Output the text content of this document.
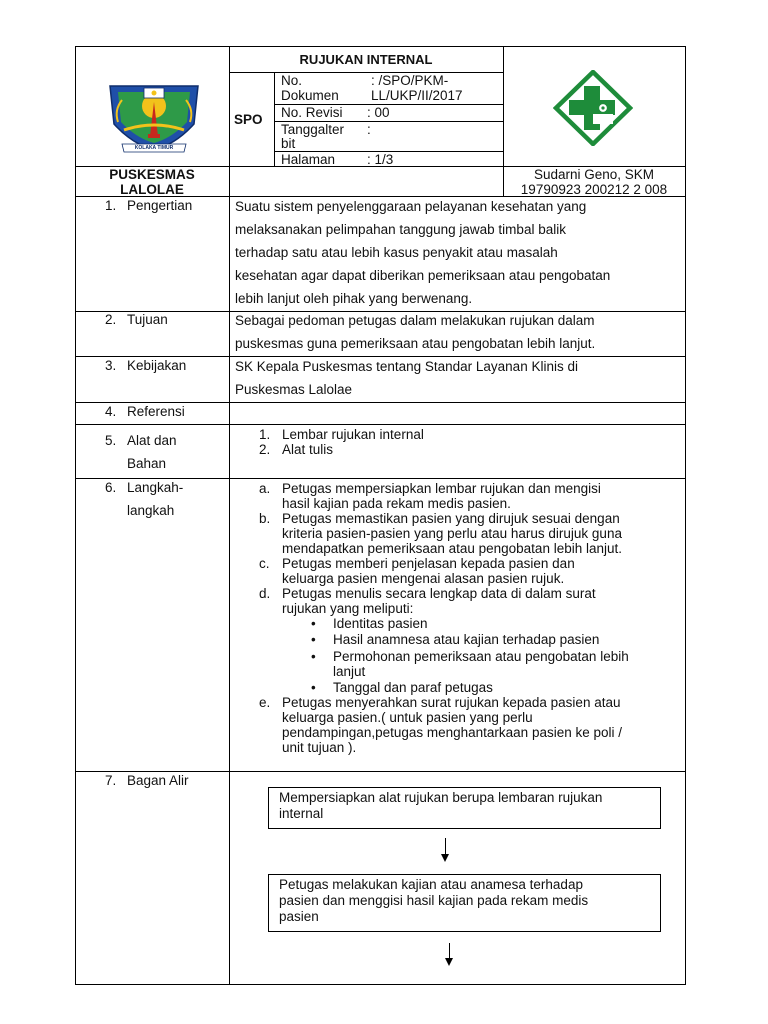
KOLAKA TIMUR
RUJUKAN INTERNAL
SPO
No.
Dokumen
: /SPO/PKM-
LL/UKP/II/2017
No. Revisi : 00
Tanggalter
bit
:
Halaman : 1/3
PUSKESMAS
LALOLAE
Sudarni Geno, SKM
19790923 200212 2 008
1. Pengertian
2. Tujuan
3. Kebijakan
4. Referensi
5. Alat dan
Bahan
6. Langkah-
langkah
7. Bagan Alir
Suatu sistem penyelenggaraan pelayanan kesehatan yang
melaksanakan pelimpahan tanggung jawab timbal balik
terhadap satu atau lebih kasus penyakit atau masalah
kesehatan agar dapat diberikan pemeriksaan atau pengobatan
lebih lanjut oleh pihak yang berwenang.
Sebagai pedoman petugas dalam melakukan rujukan dalam
puskesmas guna pemeriksaan atau pengobatan lebih lanjut.
SK Kepala Puskesmas tentang Standar Layanan Klinis di
Puskesmas Lalolae
1. Lembar rujukan internal
2. Alat tulis
a. Petugas mempersiapkan lembar rujukan dan mengisi
hasil kajian pada rekam medis pasien.
b. Petugas memastikan pasien yang dirujuk sesuai dengan
kriteria pasien-pasien yang perlu atau harus dirujuk guna
mendapatkan pemeriksaan atau pengobatan lebih lanjut.
c. Petugas memberi penjelasan kepada pasien dan
keluarga pasien mengenai alasan pasien rujuk.
d. Petugas menulis secara lengkap data di dalam surat
rujukan yang meliputi:
• Identitas pasien
• Hasil anamnesa atau kajian terhadap pasien
• Permohonan pemeriksaan atau pengobatan lebih
lanjut
• Tanggal dan paraf petugas
e. Petugas menyerahkan surat rujukan kepada pasien atau
keluarga pasien.( untuk pasien yang perlu
pendampingan,petugas menghantarkaan pasien ke poli /
unit tujuan ).
Mempersiapkan alat rujukan berupa lembaran rujukan
internal
Petugas melakukan kajian atau anamesa terhadap
pasien dan menggisi hasil kajian pada rekam medis
pasien
